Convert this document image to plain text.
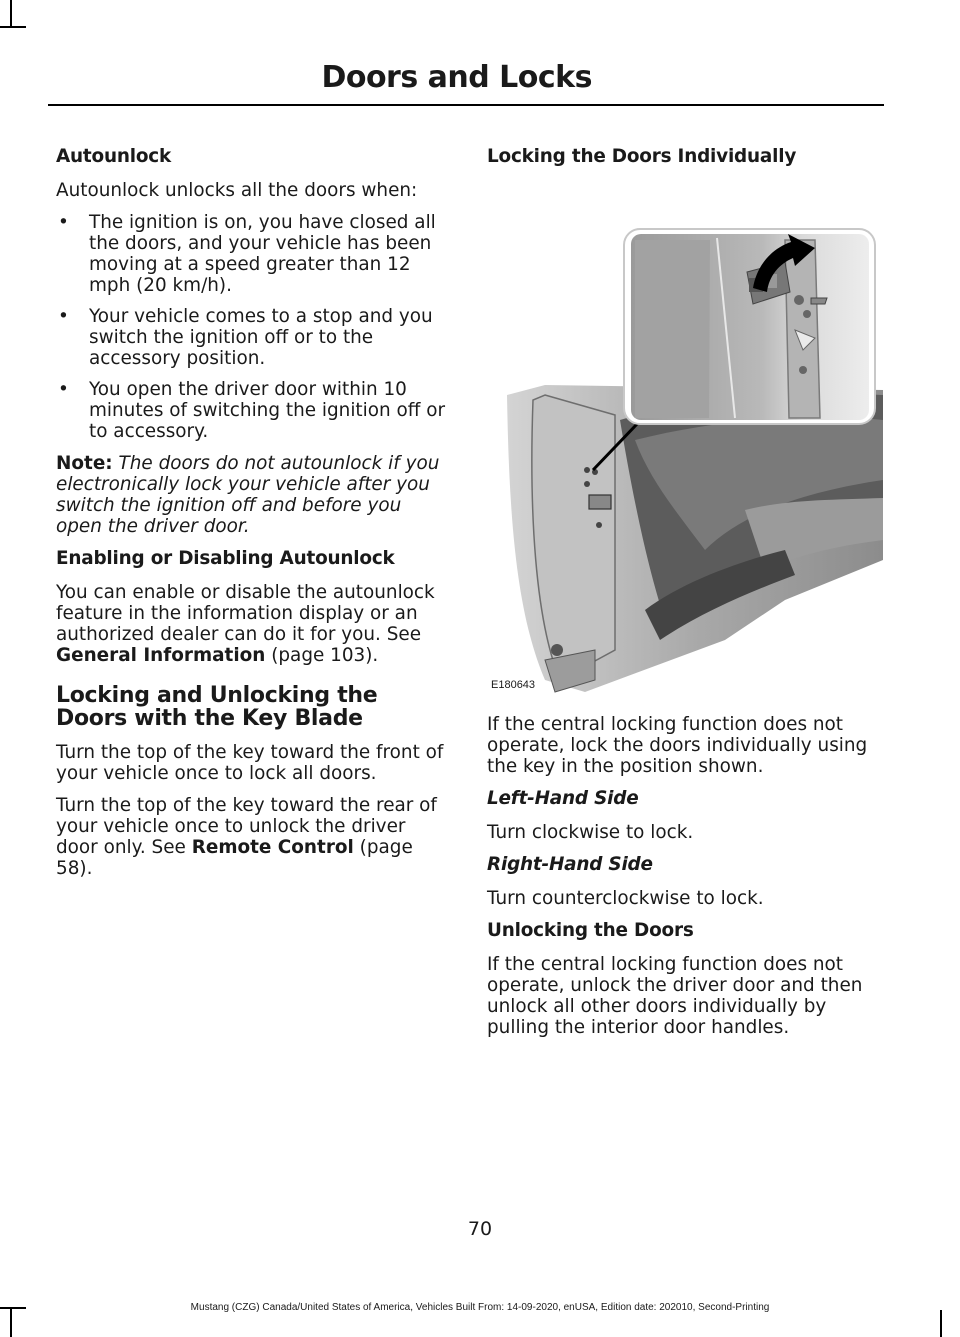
Doors and Locks
Autounlock

Autounlock unlocks all the doors when:

• The ignition is on, you have closed all the doors, and your vehicle has been moving at a speed greater than 12 mph (20 km/h).
• Your vehicle comes to a stop and you switch the ignition off or to the accessory position.
• You open the driver door within 10 minutes of switching the ignition off or to accessory.

Note: The doors do not autounlock if you electronically lock your vehicle after you switch the ignition off and before you open the driver door.

Enabling or Disabling Autounlock

You can enable or disable the autounlock feature in the information display or an authorized dealer can do it for you. See General Information (page 103).

Locking and Unlocking the Doors with the Key Blade

Turn the top of the key toward the front of your vehicle once to lock all doors.

Turn the top of the key toward the rear of your vehicle once to unlock the driver door only. See Remote Control (page 58).

Locking the Doors Individually
E180643

If the central locking function does not operate, lock the doors individually using the key in the position shown.

Left-Hand Side

Turn clockwise to lock.

Right-Hand Side

Turn counterclockwise to lock.

Unlocking the Doors

If the central locking function does not operate, unlock the driver door and then unlock all other doors individually by pulling the interior door handles.

70
Mustang (CZG) Canada/United States of America, Vehicles Built From: 14-09-2020, enUSA, Edition date: 202010, Second-Printing
